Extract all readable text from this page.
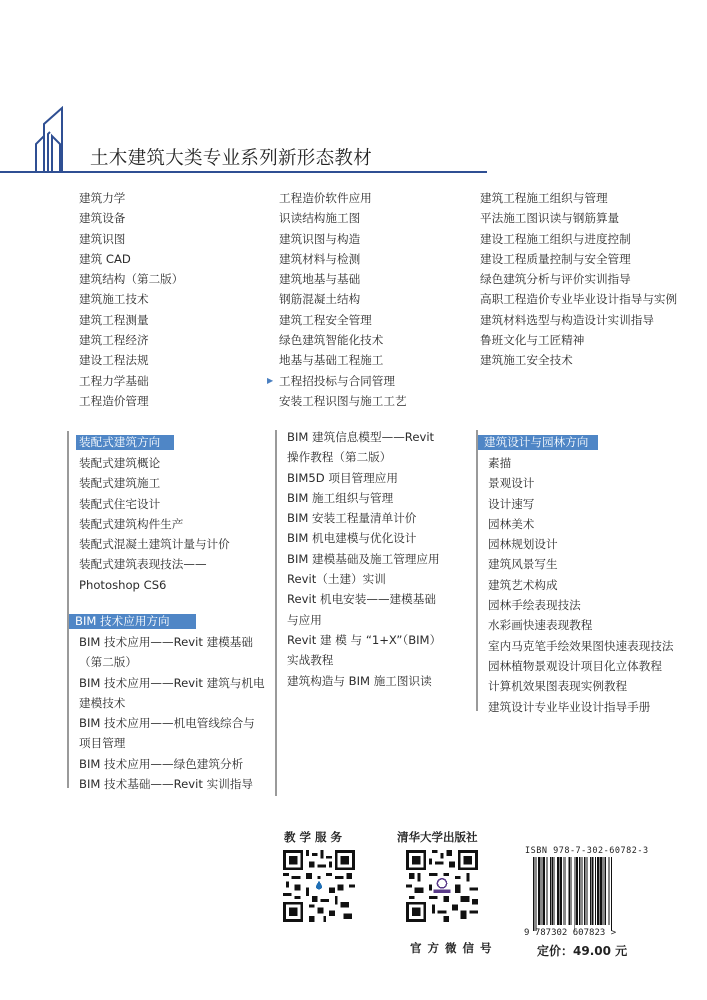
土木建筑大类专业系列新形态教材
建筑力学
建筑设备
建筑识图
建筑 CAD
建筑结构（第二版）
建筑施工技术
建筑工程测量
建筑工程经济
建设工程法规
工程力学基础
工程造价管理
工程造价软件应用
识读结构施工图
建筑识图与构造
建筑材料与检测
建筑地基与基础
钢筋混凝土结构
建筑工程安全管理
绿色建筑智能化技术
地基与基础工程施工
▶ 工程招投标与合同管理
安装工程识图与施工工艺
建筑工程施工组织与管理
平法施工图识读与钢筋算量
建设工程施工组织与进度控制
建设工程质量控制与安全管理
绿色建筑分析与评价实训指导
高职工程造价专业毕业设计指导与实例
建筑材料选型与构造设计实训指导
鲁班文化与工匠精神
建筑施工安全技术
装配式建筑方向
装配式建筑概论
装配式建筑施工
装配式住宅设计
装配式建筑构件生产
装配式混凝土建筑计量与计价
装配式建筑表现技法——
Photoshop CS6
BIM 技术应用方向
BIM 技术应用——Revit 建模基础
（第二版）
BIM 技术应用——Revit 建筑与机电
建模技术
BIM 技术应用——机电管线综合与
项目管理
BIM 技术应用——绿色建筑分析
BIM 技术基础——Revit 实训指导
BIM 建筑信息模型——Revit
操作教程（第二版）
BIM5D 项目管理应用
BIM 施工组织与管理
BIM 安装工程量清单计价
BIM 机电建模与优化设计
BIM 建模基础及施工管理应用
Revit（土建）实训
Revit 机电安装——建模基础
与应用
Revit 建 模 与 “1+X”（BIM）
实战教程
建筑构造与 BIM 施工图识读
建筑设计与园林方向
素描
景观设计
设计速写
园林美术
园林规划设计
建筑风景写生
建筑艺术构成
园林手绘表现技法
水彩画快速表现教程
室内马克笔手绘效果图快速表现技法
园林植物景观设计项目化立体教程
计算机效果图表现实例教程
建筑设计专业毕业设计指导手册
教 学 服 务	清华大学出版社
官 方 微 信 号
ISBN 978-7-302-60782-3
9 787302 607823 >
定价：49.00 元
